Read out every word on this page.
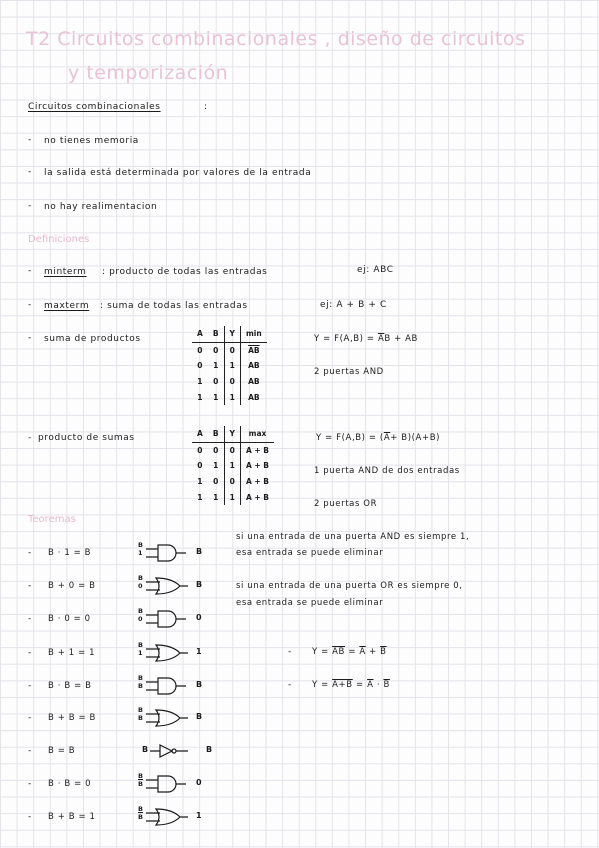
T2 Circuitos combinacionales , diseño de circuitos
y temporización
Circuitos combinacionales	:
- no tienes memoria
- la salida está determinada por valores de la entrada
- no hay realimentacion
Definiciones
- minterm : producto de todas las entradas	ej: ABC
- maxterm : suma de todas las entradas	ej: A + B + C
- suma de productos
A	B	Y	min
0	0	0	$\overline{AB}$
0	1	1	AB
1	0	0	AB
1	1	1	AB
$Y = F(A,B) = \overline{A}B$ + AB
2 puertas AND
- producto de sumas	A	B	Y	max
0	0	0	A + B
0	1	1	A + B
1	0	0	A + B
1	1	1	A + B
$Y = F(A,B) = (\overline{A}+ B)(A+B)$
1 puerta AND de dos entradas
2 puertas OR
Teoremas
- B · 1 = B
B
1	B
- B + 0 = B
B
0	B
- B · 0 = 0
B
0	0
- B + 1 = 1
B
1	1
- B · B = B
B
B	B
- B + B = B
B
B	B
- B = B	B	B
- B · B = 0
B
$\overline{B}$	0
- B + B = 1
B
$\overline{B}$	1
si una entrada de una puerta AND es siempre 1,
esa entrada se puede eliminar
si una entrada de una puerta OR es siempre 0,
esa entrada se puede eliminar
- $Y = \overline{AB} = \overline{A} + \overline{B}$
- $Y = A+B = \overline{A} \cdot \overline{B}$
